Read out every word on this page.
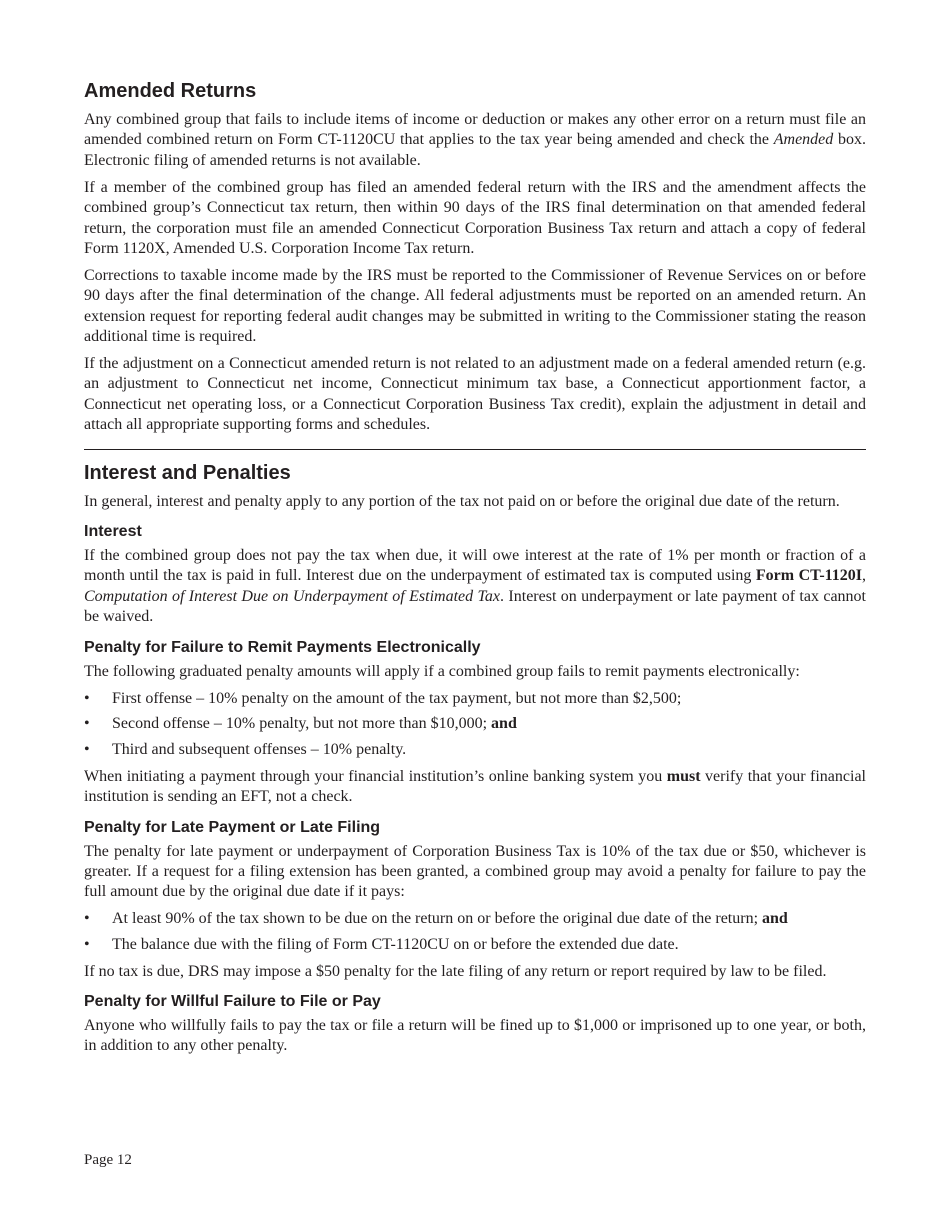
Amended Returns

Any combined group that fails to include items of income or deduction or makes any other error on a return must file an amended combined return on Form CT-1120CU that applies to the tax year being amended and check the Amended box. Electronic filing of amended returns is not available.

If a member of the combined group has filed an amended federal return with the IRS and the amendment affects the combined group’s Connecticut tax return, then within 90 days of the IRS final determination on that amended federal return, the corporation must file an amended Connecticut Corporation Business Tax return and attach a copy of federal Form 1120X, Amended U.S. Corporation Income Tax return.

Corrections to taxable income made by the IRS must be reported to the Commissioner of Revenue Services on or before 90 days after the final determination of the change. All federal adjustments must be reported on an amended return. An extension request for reporting federal audit changes may be submitted in writing to the Commissioner stating the reason additional time is required.

If the adjustment on a Connecticut amended return is not related to an adjustment made on a federal amended return (e.g. an adjustment to Connecticut net income, Connecticut minimum tax base, a Connecticut apportionment factor, a Connecticut net operating loss, or a Connecticut Corporation Business Tax credit), explain the adjustment in detail and attach all appropriate supporting forms and schedules.

Interest and Penalties

In general, interest and penalty apply to any portion of the tax not paid on or before the original due date of the return.

Interest

If the combined group does not pay the tax when due, it will owe interest at the rate of 1% per month or fraction of a month until the tax is paid in full. Interest due on the underpayment of estimated tax is computed using Form CT-1120I, Computation of Interest Due on Underpayment of Estimated Tax. Interest on underpayment or late payment of tax cannot be waived.

Penalty for Failure to Remit Payments Electronically

The following graduated penalty amounts will apply if a combined group fails to remit payments electronically:

• First offense – 10% penalty on the amount of the tax payment, but not more than $2,500;
• Second offense – 10% penalty, but not more than $10,000; and
• Third and subsequent offenses – 10% penalty.

When initiating a payment through your financial institution’s online banking system you must verify that your financial institution is sending an EFT, not a check.

Penalty for Late Payment or Late Filing

The penalty for late payment or underpayment of Corporation Business Tax is 10% of the tax due or $50, whichever is greater. If a request for a filing extension has been granted, a combined group may avoid a penalty for failure to pay the full amount due by the original due date if it pays:

• At least 90% of the tax shown to be due on the return on or before the original due date of the return; and
• The balance due with the filing of Form CT-1120CU on or before the extended due date.

If no tax is due, DRS may impose a $50 penalty for the late filing of any return or report required by law to be filed.

Penalty for Willful Failure to File or Pay

Anyone who willfully fails to pay the tax or file a return will be fined up to $1,000 or imprisoned up to one year, or both, in addition to any other penalty.

Page 12
